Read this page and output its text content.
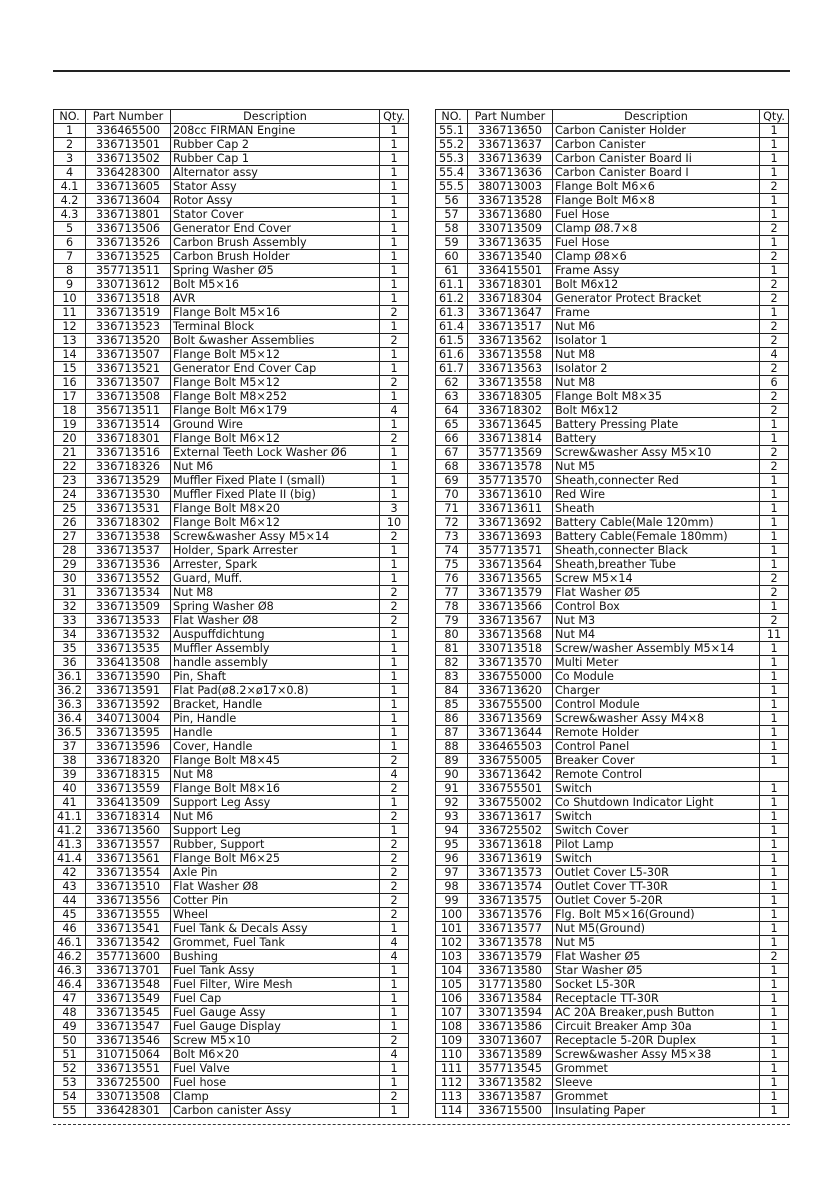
NO.	Part Number	Description	Qty.
1	336465500	208cc FIRMAN Engine	1
2	336713501	Rubber Cap 2	1
3	336713502	Rubber Cap 1	1
4	336428300	Alternator assy	1
4.1	336713605	Stator Assy	1
4.2	336713604	Rotor Assy	1
4.3	336713801	Stator Cover	1
5	336713506	Generator End Cover	1
6	336713526	Carbon Brush Assembly	1
7	336713525	Carbon Brush Holder	1
8	357713511	Spring Washer Ø5	1
9	330713612	Bolt M5×16	1
10	336713518	AVR	1
11	336713519	Flange Bolt M5×16	2
12	336713523	Terminal Block	1
13	336713520	Bolt &washer Assemblies	2
14	336713507	Flange Bolt M5×12	1
15	336713521	Generator End Cover Cap	1
16	336713507	Flange Bolt M5×12	2
17	336713508	Flange Bolt M8×252	1
18	356713511	Flange Bolt M6×179	4
19	336713514	Ground Wire	1
20	336718301	Flange Bolt M6×12	2
21	336713516	External Teeth Lock Washer Ø6	1
22	336718326	Nut M6	1
23	336713529	Muffler Fixed Plate I (small)	1
24	336713530	Muffler Fixed Plate II (big)	1
25	336713531	Flange Bolt M8×20	3
26	336718302	Flange Bolt M6×12	10
27	336713538	Screw&washer Assy M5×14	2
28	336713537	Holder, Spark Arrester	1
29	336713536	Arrester, Spark	1
30	336713552	Guard, Muff.	1
31	336713534	Nut M8	2
32	336713509	Spring Washer Ø8	2
33	336713533	Flat Washer Ø8	2
34	336713532	Auspuffdichtung	1
35	336713535	Muffler Assembly	1
36	336413508	handle assembly	1
36.1	336713590	Pin, Shaft	1
36.2	336713591	Flat Pad(ø8.2×ø17×0.8)	1
36.3	336713592	Bracket, Handle	1
36.4	340713004	Pin, Handle	1
36.5	336713595	Handle	1
37	336713596	Cover, Handle	1
38	336718320	Flange Bolt M8×45	2
39	336718315	Nut M8	4
40	336713559	Flange Bolt M8×16	2
41	336413509	Support Leg Assy	1
41.1	336718314	Nut M6	2
41.2	336713560	Support Leg	1
41.3	336713557	Rubber, Support	2
41.4	336713561	Flange Bolt M6×25	2
42	336713554	Axle Pin	2
43	336713510	Flat Washer Ø8	2
44	336713556	Cotter Pin	2
45	336713555	Wheel	2
46	336713541	Fuel Tank & Decals Assy	1
46.1	336713542	Grommet, Fuel Tank	4
46.2	357713600	Bushing	4
46.3	336713701	Fuel Tank Assy	1
46.4	336713548	Fuel Filter, Wire Mesh	1
47	336713549	Fuel Cap	1
48	336713545	Fuel Gauge Assy	1
49	336713547	Fuel Gauge Display	1
50	336713546	Screw M5×10	2
51	310715064	Bolt M6×20	4
52	336713551	Fuel Valve	1
53	336725500	Fuel hose	1
54	330713508	Clamp	2
55	336428301	Carbon canister Assy	1
NO.	Part Number	Description	Qty.
55.1	336713650	Carbon Canister Holder	1
55.2	336713637	Carbon Canister	1
55.3	336713639	Carbon Canister Board Ii	1
55.4	336713636	Carbon Canister Board I	1
55.5	380713003	Flange Bolt M6×6	2
56	336713528	Flange Bolt M6×8	1
57	336713680	Fuel Hose	1
58	330713509	Clamp Ø8.7×8	2
59	336713635	Fuel Hose	1
60	336713540	Clamp Ø8×6	2
61	336415501	Frame Assy	1
61.1	336718301	Bolt M6x12	2
61.2	336718304	Generator Protect Bracket	2
61.3	336713647	Frame	1
61.4	336713517	Nut M6	2
61.5	336713562	Isolator 1	2
61.6	336713558	Nut M8	4
61.7	336713563	Isolator 2	2
62	336713558	Nut M8	6
63	336718305	Flange Bolt M8×35	2
64	336718302	Bolt M6x12	2
65	336713645	Battery Pressing Plate	1
66	336713814	Battery	1
67	357713569	Screw&washer Assy M5×10	2
68	336713578	Nut M5	2
69	357713570	Sheath,connecter Red	1
70	336713610	Red Wire	1
71	336713611	Sheath	1
72	336713692	Battery Cable(Male 120mm)	1
73	336713693	Battery Cable(Female 180mm)	1
74	357713571	Sheath,connecter Black	1
75	336713564	Sheath,breather Tube	1
76	336713565	Screw M5×14	2
77	336713579	Flat Washer Ø5	2
78	336713566	Control Box	1
79	336713567	Nut M3	2
80	336713568	Nut M4	11
81	330713518	Screw/washer Assembly M5×14	1
82	336713570	Multi Meter	1
83	336755000	Co Module	1
84	336713620	Charger	1
85	336755500	Control Module	1
86	336713569	Screw&washer Assy M4×8	1
87	336713644	Remote Holder	1
88	336465503	Control Panel	1
89	336755005	Breaker Cover	1
90	336713642	Remote Control	
91	336755501	Switch	1
92	336755002	Co Shutdown Indicator Light	1
93	336713617	Switch	1
94	336725502	Switch Cover	1
95	336713618	Pilot Lamp	1
96	336713619	Switch	1
97	336713573	Outlet Cover L5-30R	1
98	336713574	Outlet Cover TT-30R	1
99	336713575	Outlet Cover 5-20R	1
100	336713576	Flg. Bolt M5×16(Ground)	1
101	336713577	Nut M5(Ground)	1
102	336713578	Nut M5	1
103	336713579	Flat Washer Ø5	2
104	336713580	Star Washer Ø5	1
105	317713580	Socket L5-30R	1
106	336713584	Receptacle TT-30R	1
107	330713594	AC 20A Breaker,push Button	1
108	336713586	Circuit Breaker Amp 30a	1
109	330713607	Receptacle 5-20R Duplex	1
110	336713589	Screw&washer Assy M5×38	1
111	357713545	Grommet	1
112	336713582	Sleeve	1
113	336713587	Grommet	1
114	336715500	Insulating Paper	1
